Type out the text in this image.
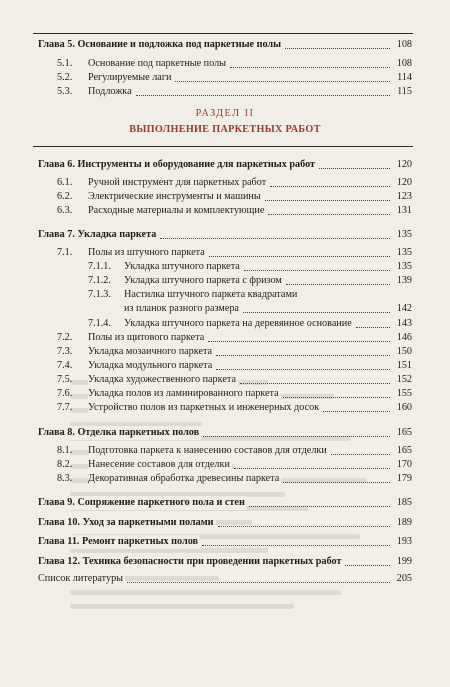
РАЗДЕЛ II
ВЫПОЛНЕНИЕ ПАРКЕТНЫХ РАБОТ
Глава 5. Основание и подложка под паркетные полы	108
5.1. Основание под паркетные полы	108
5.2. Регулируемые лаги	114
5.3. Подложка	115
Глава 6. Инструменты и оборудование для паркетных работ	120
6.1. Ручной инструмент для паркетных работ	120
6.2. Электрические инструменты и машины	123
6.3. Расходные материалы и комплектующие	131
Глава 7. Укладка паркета	135
7.1. Полы из штучного паркета	135
7.1.1. Укладка штучного паркета	135
7.1.2. Укладка штучного паркета с фризом	139
7.1.3. Настилка штучного паркета квадратами
из планок разного размера	142
7.1.4. Укладка штучного паркета на деревянное основание	143
7.2. Полы из щитового паркета	146
7.3. Укладка мозаичного паркета	150
7.4. Укладка модульного паркета	151
7.5. Укладка художественного паркета	152
7.6. Укладка полов из ламинированного паркета	155
7.7. Устройство полов из паркетных и инженерных досок	160
Глава 8. Отделка паркетных полов	165
8.1. Подготовка паркета к нанесению составов для отделки	165
8.2. Нанесение составов для отделки	170
8.3. Декоративная обработка древесины паркета	179
Глава 9. Сопряжение паркетного пола и стен	185
Глава 10. Уход за паркетными полами	189
Глава 11. Ремонт паркетных полов	193
Глава 12. Техника безопасности при проведении паркетных работ	199
Список литературы	205
